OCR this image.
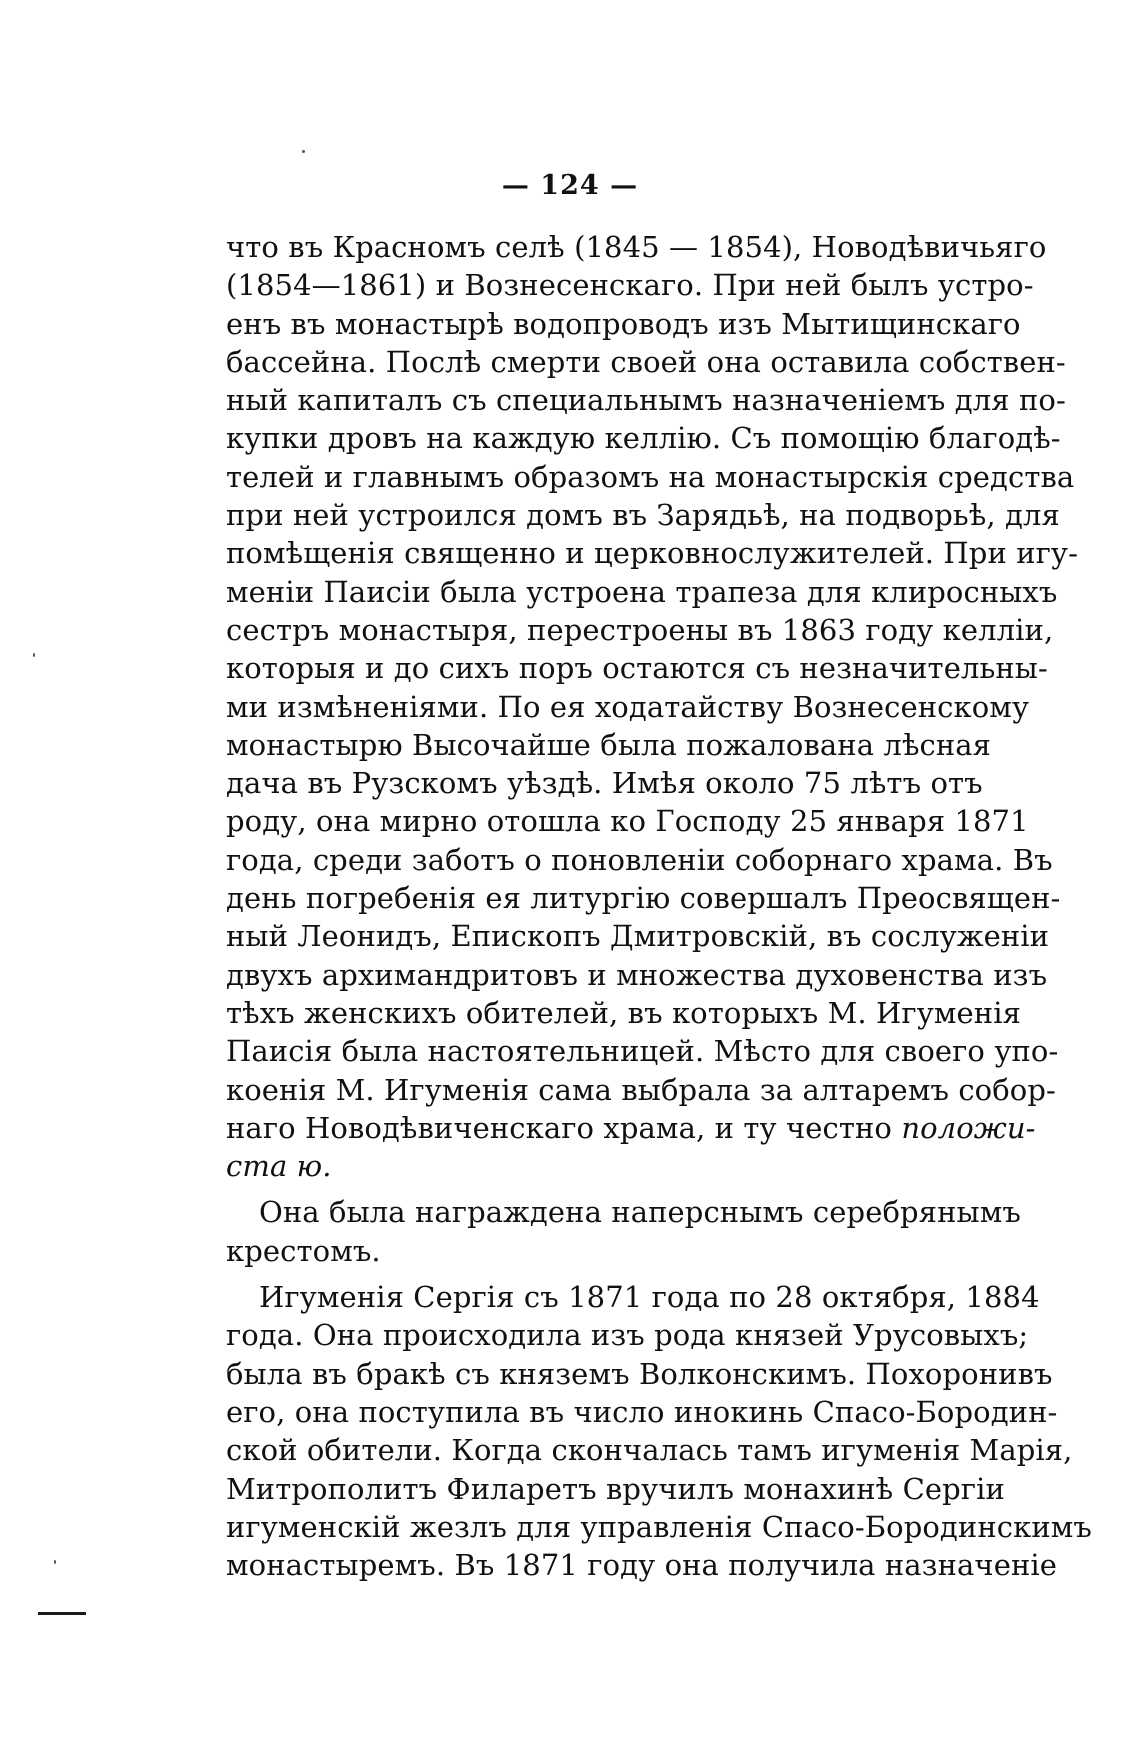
— 124 —
что въ Красномъ селѣ (1845 — 1854), Новодѣвичьяго
(1854—1861) и Вознесенскаго. При ней былъ устро-
енъ въ монастырѣ водопроводъ изъ Мытищинскаго
бассейна. Послѣ смерти своей она оставила собствен-
ный капиталъ съ специальнымъ назначеніемъ для по-
купки дровъ на каждую келлію. Съ помощію благодѣ-
телей и главнымъ образомъ на монастырскія средства
при ней устроился домъ въ Зарядьѣ, на подворьѣ, для
помѣщенія священно и церковнослужителей. При игу-
меніи Паисіи была устроена трапеза для клиросныхъ
сестръ монастыря, перестроены въ 1863 году келліи,
которыя и до сихъ поръ остаются съ незначительны-
ми измѣненіями. По ея ходатайству Вознесенскому
монастырю Высочайше была пожалована лѣсная
дача въ Рузскомъ уѣздѣ. Имѣя около 75 лѣтъ отъ
роду, она мирно отошла ко Господу 25 января 1871
года, среди заботъ о поновленіи соборнаго храма. Въ
день погребенія ея литургію совершалъ Преосвящен-
ный Леонидъ, Епископъ Дмитровскій, въ сослуженіи
двухъ архимандритовъ и множества духовенства изъ
тѣхъ женскихъ обителей, въ которыхъ М. Игуменія
Паисія была настоятельницей. Мѣсто для своего упо-
коенія М. Игуменія сама выбрала за алтаремъ собор-
наго Новодѣвиченскаго храма, и ту честно положи-
ста ю.
Она была награждена наперснымъ серебрянымъ
крестомъ.
Игуменія Сергія съ 1871 года по 28 октября, 1884
года. Она происходила изъ рода князей Урусовыхъ;
была въ бракѣ съ княземъ Волконскимъ. Похоронивъ
его, она поступила въ число инокинь Спасо-Бородин-
ской обители. Когда скончалась тамъ игуменія Марія,
Митрополитъ Филаретъ вручилъ монахинѣ Сергіи
игуменскій жезлъ для управленія Спасо-Бородинскимъ
монастыремъ. Въ 1871 году она получила назначеніе
